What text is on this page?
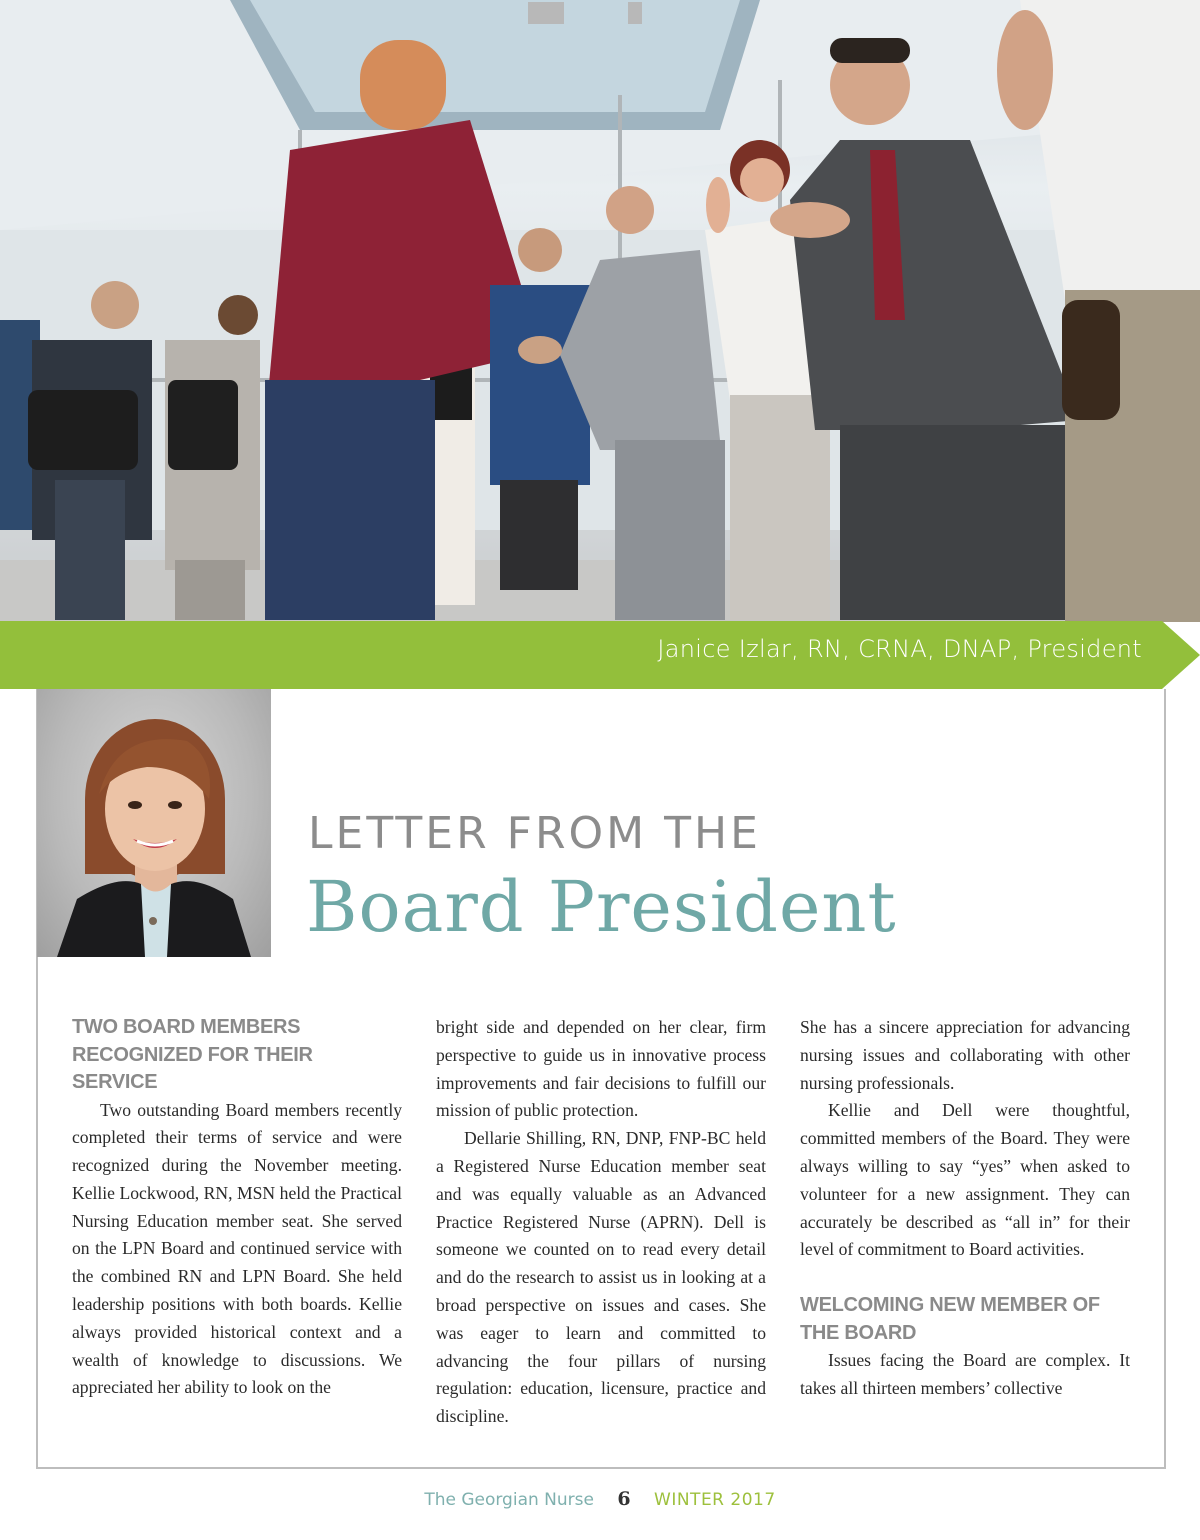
Janice Izlar, RN, CRNA, DNAP, President
LETTER FROM THE
Board President
TWO BOARD MEMBERS RECOGNIZED FOR THEIR SERVICE

Two outstanding Board members recently completed their terms of service and were recognized during the November meeting. Kellie Lockwood, RN, MSN held the Practical Nursing Education member seat. She served on the LPN Board and continued service with the combined RN and LPN Board. She held leadership positions with both boards. Kellie always provided historical context and a wealth of knowledge to discussions. We appreciated her ability to look on the

bright side and depended on her clear, firm perspective to guide us in innovative process improvements and fair decisions to fulfill our mission of public protection.

Dellarie Shilling, RN, DNP, FNP-BC held a Registered Nurse Education member seat and was equally valuable as an Advanced Practice Registered Nurse (APRN). Dell is someone we counted on to read every detail and do the research to assist us in looking at a broad perspective on issues and cases. She was eager to learn and committed to advancing the four pillars of nursing regulation: education, licensure, practice and discipline.

She has a sincere appreciation for advancing nursing issues and collaborating with other nursing professionals.

Kellie and Dell were thoughtful, committed members of the Board. They were always willing to say “yes” when asked to volunteer for a new assignment. They can accurately be described as “all in” for their level of commitment to Board activities.

WELCOMING NEW MEMBER OF THE BOARD

Issues facing the Board are complex. It takes all thirteen members’ collective

The Georgian Nurse 6 WINTER 2017
